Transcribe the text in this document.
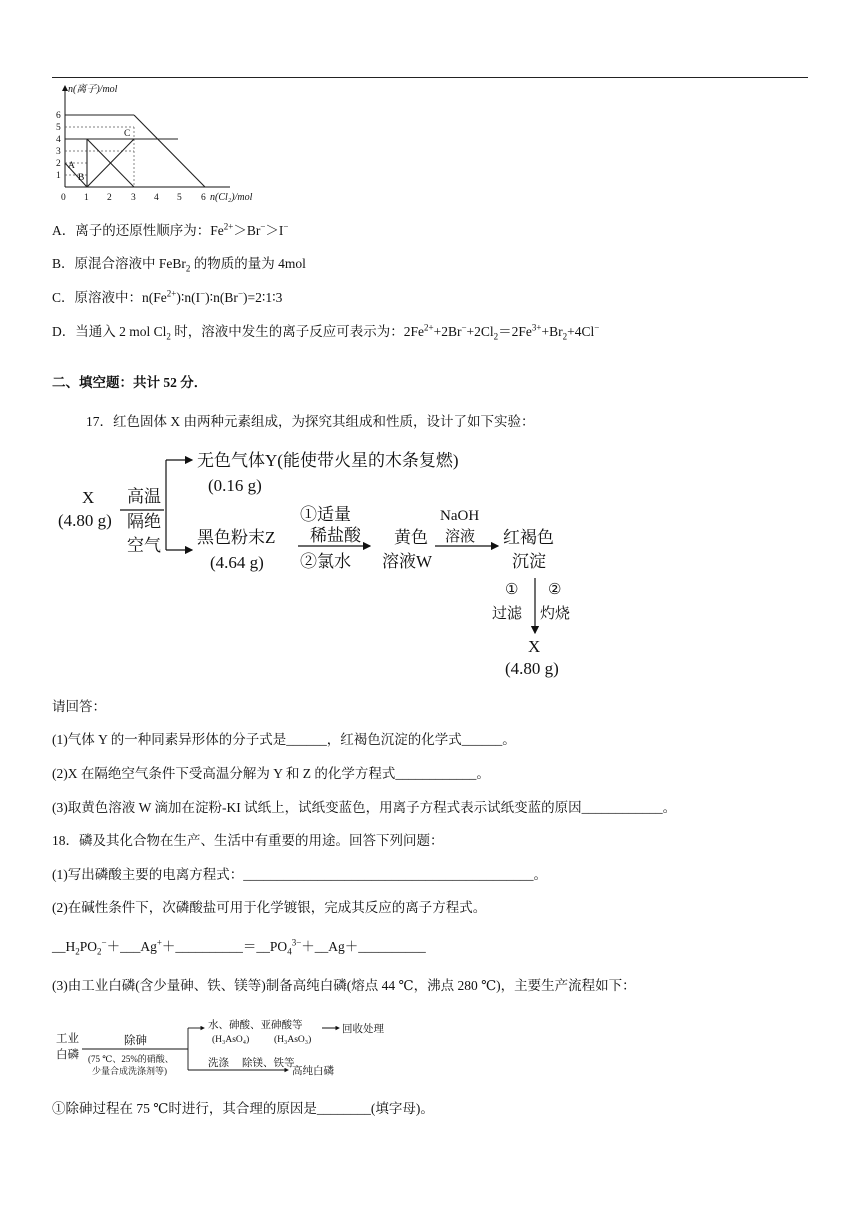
n(离子)/mol
n(Cl₂)/mol
1
2
3
4
5
6
0 1 2 3 4 5 6
A
B
C
A．离子的还原性顺序为：$Fe^{2+}>Br^->I^-$
B．原混合溶液中 FeBr$_2$ 的物质的量为 4mol
C．原溶液中：$n(Fe^{2+})∶n(I^-)∶n(Br^-)=2∶1∶3$
D．当通入 2 mol $Cl_2$ 时，溶液中发生的离子反应可表示为：$2Fe^{2+}+2Br^-+2Cl_2=2Fe^{3+}+Br_2+4Cl^-$
二、填空题：共计 52 分．
17．红色固体 X 由两种元素组成，为探究其组成和性质，设计了如下实验：
X
(4.80 g)
高温
隔绝
空气
无色气体Y(能使带火星的木条复燃)
(0.16 g)
黑色粉末Z
(4.64 g)
①适量
稀盐酸
②氯水
黄色
溶液W
NaOH
溶液 红褐色
沉淀
① ②
过滤 灼烧
X
(4.80 g)
请回答：
(1)气体 Y 的一种同素异形体的分子式是______，红褐色沉淀的化学式______。
(2)X 在隔绝空气条件下受高温分解为 Y 和 Z 的化学方程式____________。
(3)取黄色溶液 W 滴加在淀粉-KI 试纸上，试纸变蓝色，用离子方程式表示试纸变蓝的原因____________。
18．磷及其化合物在生产、生活中有重要的用途。回答下列问题：
(1)写出磷酸主要的电离方程式：___________________________________________。
(2)在碱性条件下，次磷酸盐可用于化学镀银，完成其反应的离子方程式。
$\_\_H_2PO_2^-+\_\_\_Ag^++\_\_\_\_\_\_\_\_\_\_=\_\_PO_4^{3-}+\_\_Ag+\_\_\_\_\_\_\_\_\_\_$
(3)由工业白磷(含少量砷、铁、镁等)制备高纯白磷(熔点 44 ℃，沸点 280 ℃)，主要生产流程如下：
工业
白磷
除砷
(75 ℃、25%的硝酸、
少量合成洗涤剂等)
水、砷酸、亚砷酸等
(H₃AsO₄)	(H₃AsO₃)
回收处理
洗涤 除镁、铁等
高纯白磷
①除砷过程在 75 ℃时进行，其合理的原因是________(填字母)。
